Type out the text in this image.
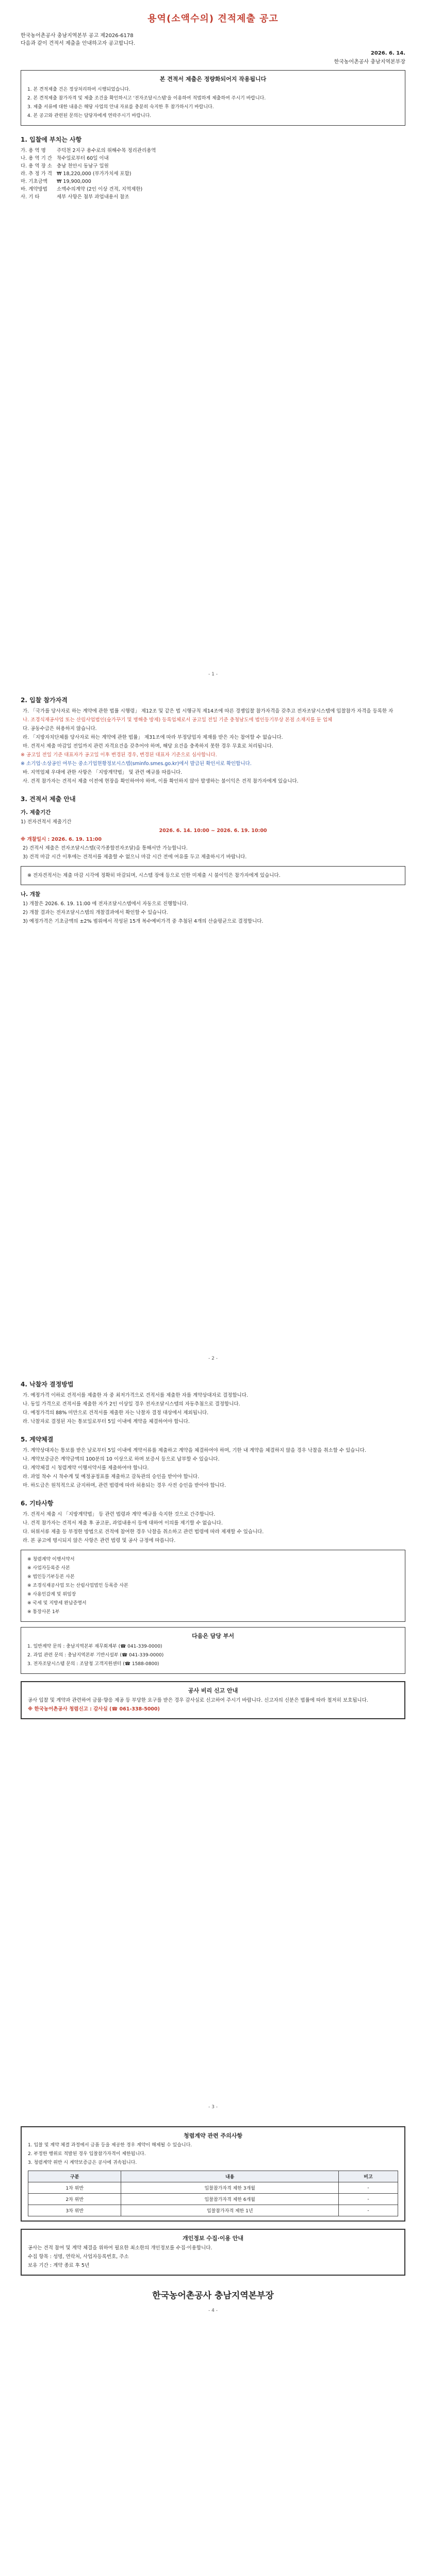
용역(소액수의) 견적제출 공고
한국농어촌공사 충남지역본부 공고 제2026-6178
다음과 같이 견적서 제출을 안내하고자 공고합니다.
2026. 6. 14.
한국농어촌공사 충남지역본부장
본 견적서 제출은 정량화되어지 작용됩니다
1. 본 견적제출 건은 정상처리하여 시행되었습니다.
2. 본 견적제출 참가자격 및 제출 조건을 확인하시고 '전자조달시스템'을 이용하여 적법하게 제출하여 주시기 바랍니다.
3. 제출 서류에 대한 내용은 해당 사업의 안내 자료를 충분히 숙지한 후 참가하시기 바랍니다.
4. 본 공고와 관련된 문의는 담당자에게 연락주시기 바랍니다.
1. 입찰에 부치는 사항
가. 용 역 명 주덕천 2지구 용수로의 위해수목 정리관리용역
나. 용 역 기 간 착수일로부터 60일 이내
다. 용 역 장 소 충남 천안시 동남구 일원
라. 추 정 가 격 ₩ 18,220,000 (부가가치세 포함)
마. 기초금액 ₩ 19,900,000
바. 계약방법 소액수의계약 (2인 이상 견적, 지역제한)
사. 기 타	세부 사항은 첨부 과업내용서 참조
- 1 -
2. 입찰 참가자격
가. 「국가를 당사자로 하는 계약에 관한 법률 시행령」 제12조 및 같은 법 시행규칙 제14조에 따른 경쟁입찰 참가자격을 갖추고 전자조달시스템에 입찰참가 자격을 등록한 자
나. 조경식재공사업 또는 산림사업법인(숲가꾸기 및 병해충 방제) 등록업체로서 공고일 전일 기준 충청남도에 법인등기부상 본점 소재지를 둔 업체
다. 공동수급은 허용하지 않습니다.
라. 「지방자치단체를 당사자로 하는 계약에 관한 법률」 제31조에 따라 부정당업자 제재를 받은 자는 참여할 수 없습니다.
마. 견적서 제출 마감일 전일까지 관련 자격요건을 갖추어야 하며, 해당 요건을 충족하지 못한 경우 무효로 처리됩니다.
※ 공고일 전일 기준 대표자가 공고일 이후 변경된 경우, 변경된 대표자 기준으로 심사합니다.
※ 소기업·소상공인 여부는 중소기업현황정보시스템(sminfo.smes.go.kr)에서 발급된 확인서로 확인합니다.
바. 지역업체 우대에 관한 사항은 「지방계약법」 및 관련 예규를 따릅니다.
사. 견적 참가자는 견적서 제출 이전에 현장을 확인하여야 하며, 이를 확인하지 않아 발생하는 불이익은 견적 참가자에게 있습니다.
3. 견적서 제출 안내
가. 제출기간
1) 전자견적서 제출기간
2026. 6. 14. 10:00 ~ 2026. 6. 19. 10:00
※ 개찰일시 : 2026. 6. 19. 11:00
2) 견적서 제출은 전자조달시스템(국가종합전자조달)을 통해서만 가능합니다.
3) 견적 마감 시간 이후에는 견적서를 제출할 수 없으니 마감 시간 전에 여유를 두고 제출하시기 바랍니다.
※ 전자견적서는 제출 마감 시각에 정확히 마감되며, 시스템 장애 등으로 인한 미제출 시 불이익은 참가자에게 있습니다.
나. 개찰
1) 개찰은 2026. 6. 19. 11:00 에 전자조달시스템에서 자동으로 진행합니다.
2) 개찰 결과는 전자조달시스템의 개찰결과에서 확인할 수 있습니다.
3) 예정가격은 기초금액의 ±2% 범위에서 작성된 15개 복수예비가격 중 추첨된 4개의 산술평균으로 결정합니다.
- 2 -
4. 낙찰자 결정방법
가. 예정가격 이하로 견적서를 제출한 자 중 최저가격으로 견적서를 제출한 자를 계약상대자로 결정합니다.
나. 동일 가격으로 견적서를 제출한 자가 2인 이상일 경우 전자조달시스템의 자동추첨으로 결정합니다.
다. 예정가격의 88% 미만으로 견적서를 제출한 자는 낙찰자 결정 대상에서 제외됩니다.
라. 낙찰자로 결정된 자는 통보일로부터 5일 이내에 계약을 체결하여야 합니다.
5. 계약체결
가. 계약상대자는 통보를 받은 날로부터 5일 이내에 계약서류를 제출하고 계약을 체결하여야 하며, 기한 내 계약을 체결하지 않을 경우 낙찰을 취소할 수 있습니다.
나. 계약보증금은 계약금액의 100분의 10 이상으로 하며 보증서 등으로 납부할 수 있습니다.
다. 계약체결 시 청렴계약 이행서약서를 제출하여야 합니다.
라. 과업 착수 시 착수계 및 예정공정표를 제출하고 감독관의 승인을 받아야 합니다.
마. 하도급은 원칙적으로 금지하며, 관련 법령에 따라 허용되는 경우 사전 승인을 받아야 합니다.
6. 기타사항
가. 견적서 제출 시 「지방계약법」 등 관련 법령과 계약 예규를 숙지한 것으로 간주합니다.
나. 견적 참가자는 견적서 제출 후 공고문, 과업내용서 등에 대하여 이의를 제기할 수 없습니다.
다. 허위서류 제출 등 부정한 방법으로 견적에 참여한 경우 낙찰을 취소하고 관련 법령에 따라 제재할 수 있습니다.
라. 본 공고에 명시되지 않은 사항은 관련 법령 및 공사 규정에 따릅니다.
※ 청렴계약 이행서약서
※ 사업자등록증 사본
※ 법인등기부등본 사본
※ 조경식재공사업 또는 산림사업법인 등록증 사본
※ 사용인감계 및 위임장
※ 국세 및 지방세 완납증명서
※ 통장사본 1부
다음은 담당 부서
1. 일반계약 문의 : 충남지역본부 재무회계부 (☎ 041-339-0000)
2. 과업 관련 문의 : 충남지역본부 기반시설부 (☎ 041-339-0000)
3. 전자조달시스템 문의 : 조달청 고객지원센터 (☎ 1588-0800)
공사 비리 신고 안내
공사 입찰 및 계약과 관련하여 금품·향응 제공 등 부당한 요구를 받은 경우 감사실로 신고하여 주시기 바랍니다. 신고자의 신분은 법률에 따라 철저히 보호됩니다.
※ 한국농어촌공사 청렴신고 : 감사실 (☎ 061-338-5000)
- 3 -
청렴계약 관련 주의사항
1. 입찰 및 계약 체결 과정에서 금품 등을 제공한 경우 계약이 해제될 수 있습니다.
2. 부정한 행위로 적발된 경우 입찰참가자격이 제한됩니다.
3. 청렴계약 위반 시 계약보증금은 공사에 귀속됩니다.
구분	내용	비고
1차 위반	입찰참가자격 제한 3개월	-
2차 위반	입찰참가자격 제한 6개월	-
3차 위반	입찰참가자격 제한 1년	-
개인정보 수집·이용 안내
공사는 견적 참여 및 계약 체결을 위하여 필요한 최소한의 개인정보를 수집·이용합니다.
수집 항목 : 성명, 연락처, 사업자등록번호, 주소
보유 기간 : 계약 종료 후 5년
한국농어촌공사 충남지역본부장
- 4 -
